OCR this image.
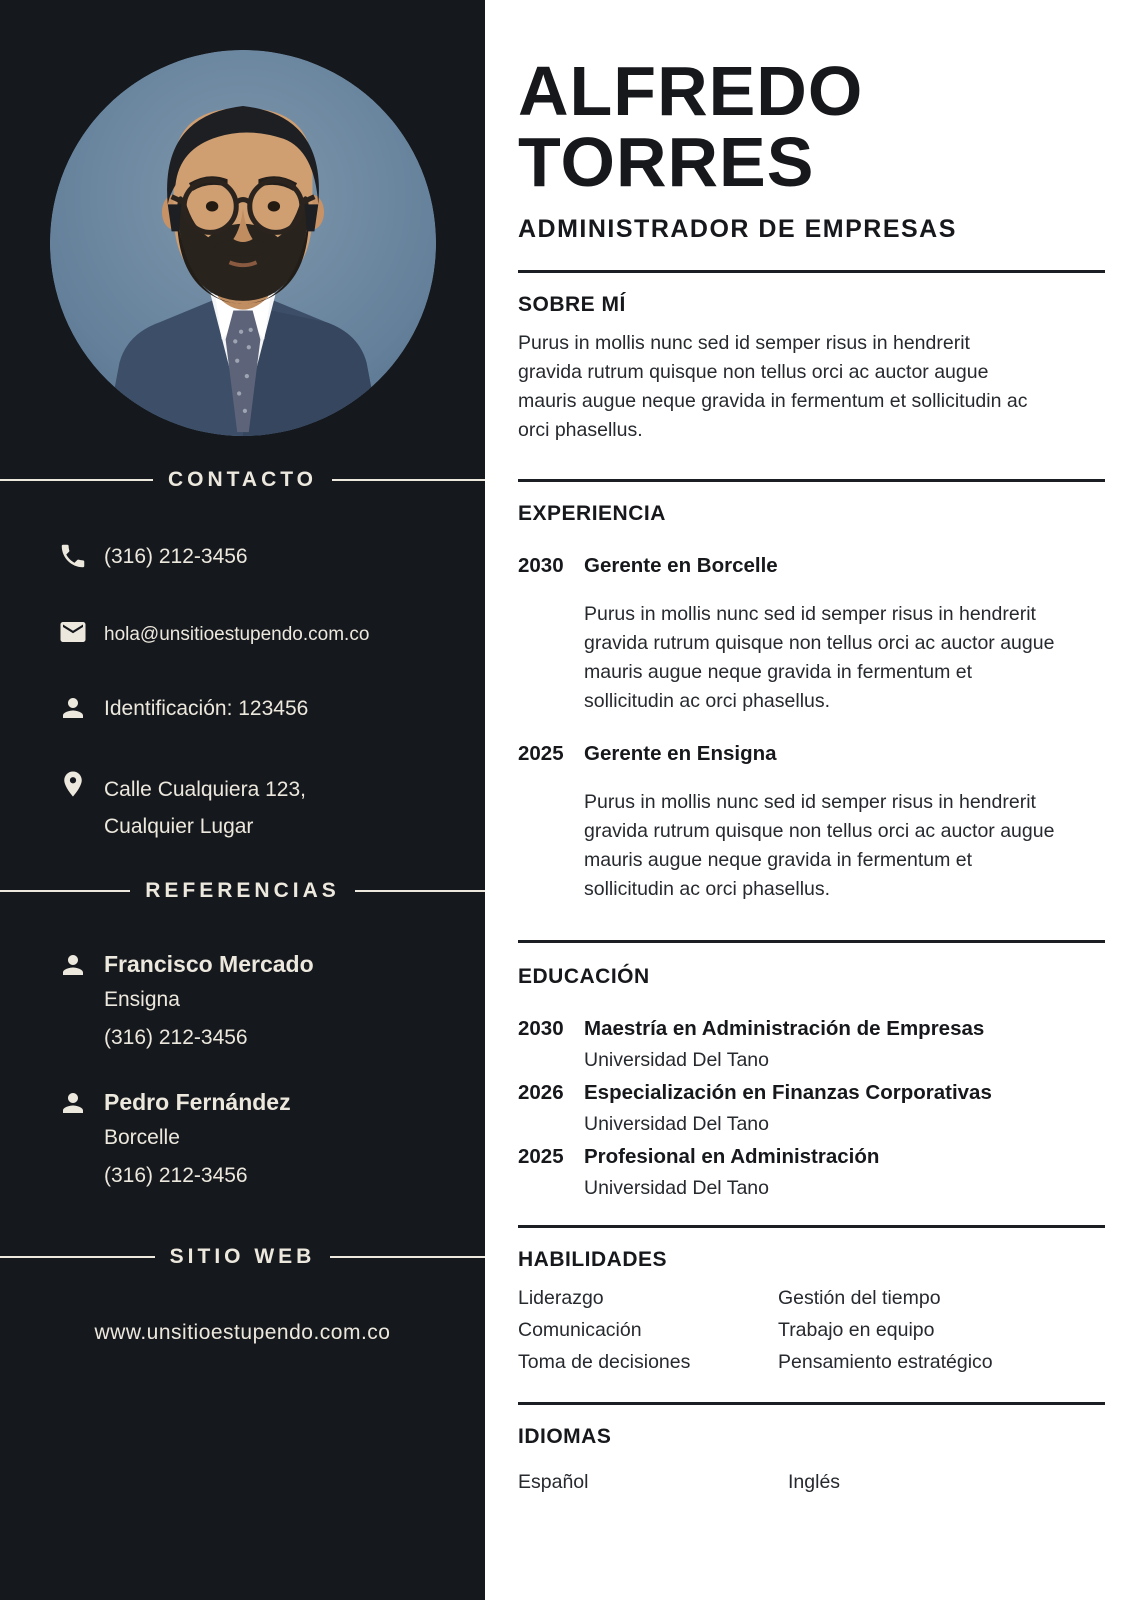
CONTACTO
(316) 212-3456
hola@unsitioestupendo.com.co
Identificación: 123456
Calle Cualquiera 123,
Cualquier Lugar
REFERENCIAS
Francisco Mercado
Ensigna
(316) 212-3456
Pedro Fernández
Borcelle
(316) 212-3456
SITIO WEB
www.unsitioestupendo.com.co
ALFREDO
TORRES
ADMINISTRADOR DE EMPRESAS
SOBRE MÍ

Purus in mollis nunc sed id semper risus in hendrerit gravida rutrum quisque non tellus orci ac auctor augue mauris augue neque gravida in fermentum et sollicitudin ac orci phasellus.

EXPERIENCIA
2030 Gerente en Borcelle

Purus in mollis nunc sed id semper risus in hendrerit gravida rutrum quisque non tellus orci ac auctor augue mauris augue neque gravida in fermentum et sollicitudin ac orci phasellus.

2025 Gerente en Ensigna

Purus in mollis nunc sed id semper risus in hendrerit gravida rutrum quisque non tellus orci ac auctor augue mauris augue neque gravida in fermentum et sollicitudin ac orci phasellus.

EDUCACIÓN
2030 Maestría en Administración de Empresas
Universidad Del Tano
2026 Especialización en Finanzas Corporativas
Universidad Del Tano
2025 Profesional en Administración
Universidad Del Tano
HABILIDADES
Liderazgo	Gestión del tiempo
Comunicación	Trabajo en equipo
Toma de decisiones	Pensamiento estratégico
IDIOMAS
Español	Inglés
